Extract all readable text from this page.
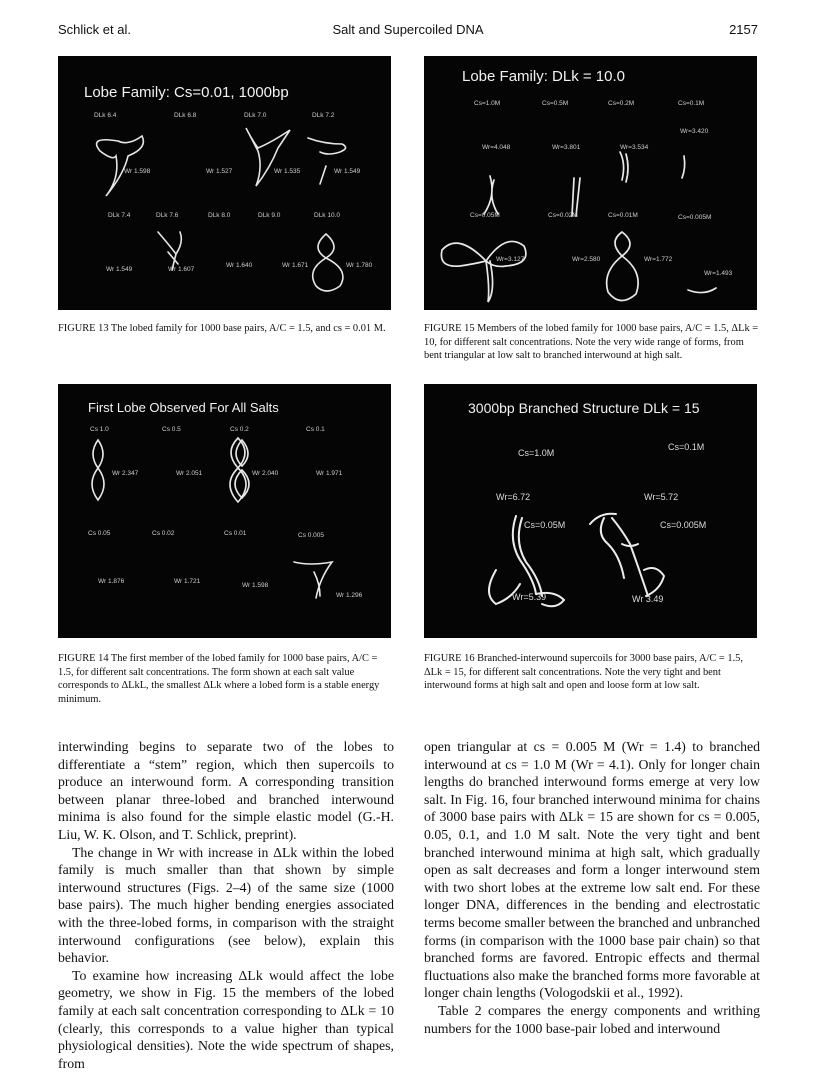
Schlick et al.	Salt and Supercoiled DNA	2157
Lobe Family: Cs=0.01, 1000bp
DLk 6.4	DLk 6.8	DLk 7.0	DLk 7.2
Wr 1.598	Wr 1.527	Wr 1.535	Wr 1.549
DLk 7.4	DLk 7.6	DLk 8.0	DLk 9.0	DLk 10.0
Wr 1.549	Wr 1.607
Wr 1.640	Wr 1.671	Wr 1.780
FIGURE 13 The lobed family for 1000 base pairs, A/C = 1.5, and cs = 0.01 M.
Lobe Family: DLk = 10.0
Cs=1.0M	Cs=0.5M	Cs=0.2M	Cs=0.1M
Wr=3.420
Wr=4.048	Wr=3.801	Wr=3.534
Cs=0.05M	Cs=0.02M	Cs=0.01M	Cs=0.005M
Wr=3.127	Wr=2.580	Wr=1.772
Wr=1.493
FIGURE 15 Members of the lobed family for 1000 base pairs, A/C = 1.5, ΔLk = 10, for different salt concentrations. Note the very wide range of forms, from bent triangular at low salt to branched interwound at high salt.
First Lobe Observed For All Salts
Cs 1.0	Cs 0.5	Cs 0.2	Cs 0.1
Wr 2.347	Wr 2.051	Wr 2.040	Wr 1.971
Cs 0.05	Cs 0.02	Cs 0.01	Cs 0.005
Wr 1.876	Wr 1.721
Wr 1.598
Wr 1.296
FIGURE 14 The first member of the lobed family for 1000 base pairs, A/C = 1.5, for different salt concentrations. The form shown at each salt value corresponds to ΔLkL, the smallest ΔLk where a lobed form is a stable energy minimum.
3000bp Branched Structure DLk = 15
Cs=1.0M
Cs=0.1M
Wr=6.72	Wr=5.72
Cs=0.05M	Cs=0.005M
Wr=5.39	Wr 3.49
FIGURE 16 Branched-interwound supercoils for 3000 base pairs, A/C = 1.5, ΔLk = 15, for different salt concentrations. Note the very tight and bent interwound forms at high salt and open and loose form at low salt.

interwinding begins to separate two of the lobes to differentiate a “stem” region, which then supercoils to produce an interwound form. A corresponding transition between planar three-lobed and branched interwound minima is also found for the simple elastic model (G.-H. Liu, W. K. Olson, and T. Schlick, preprint).

The change in Wr with increase in ΔLk within the lobed family is much smaller than that shown by simple interwound structures (Figs. 2–4) of the same size (1000 base pairs). The much higher bending energies associated with the three-lobed forms, in comparison with the straight interwound configurations (see below), explain this behavior.

To examine how increasing ΔLk would affect the lobe geometry, we show in Fig. 15 the members of the lobed family at each salt concentration corresponding to ΔLk = 10 (clearly, this corresponds to a value higher than typical physiological densities). Note the wide spectrum of shapes, from

open triangular at cs = 0.005 M (Wr = 1.4) to branched interwound at cs = 1.0 M (Wr = 4.1). Only for longer chain lengths do branched interwound forms emerge at very low salt. In Fig. 16, four branched interwound minima for chains of 3000 base pairs with ΔLk = 15 are shown for cs = 0.005, 0.05, 0.1, and 1.0 M salt. Note the very tight and bent branched interwound minima at high salt, which gradually open as salt decreases and form a longer interwound stem with two short lobes at the extreme low salt end. For these longer DNA, differences in the bending and electrostatic terms become smaller between the branched and unbranched forms (in comparison with the 1000 base pair chain) so that branched forms are favored. Entropic effects and thermal fluctuations also make the branched forms more favorable at longer chain lengths (Vologodskii et al., 1992).

Table 2 compares the energy components and writhing numbers for the 1000 base-pair lobed and interwound
